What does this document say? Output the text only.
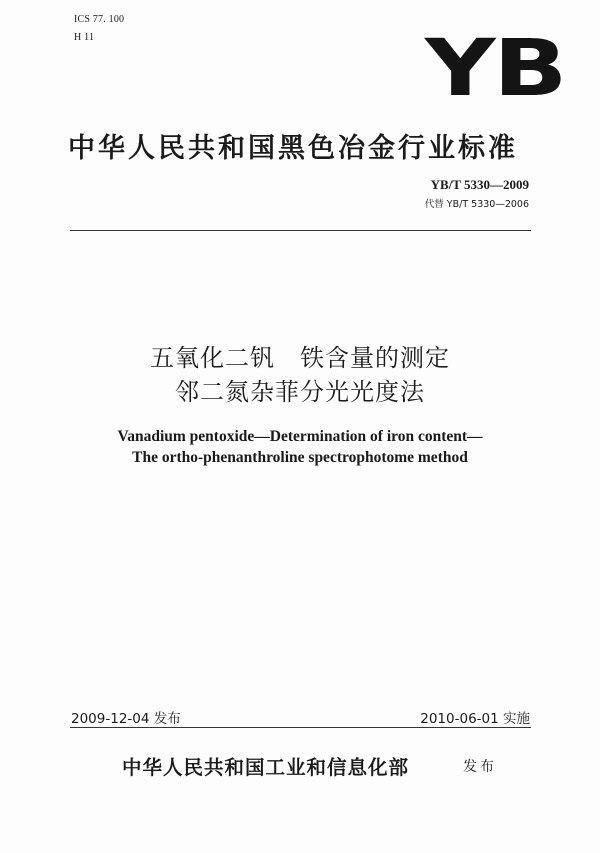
ICS 77. 100
H 11	YB
中华人民共和国黑色冶金行业标准
YB/T 5330—2009
代替 YB/T 5330—2006
五氧化二钒　铁含量的测定
邻二氮杂菲分光光度法
Vanadium pentoxide—Determination of iron content—
The ortho-phenanthroline spectrophotome method
2009-12-04 发布	2010-06-01 实施
中华人民共和国工业和信息化部	发布
